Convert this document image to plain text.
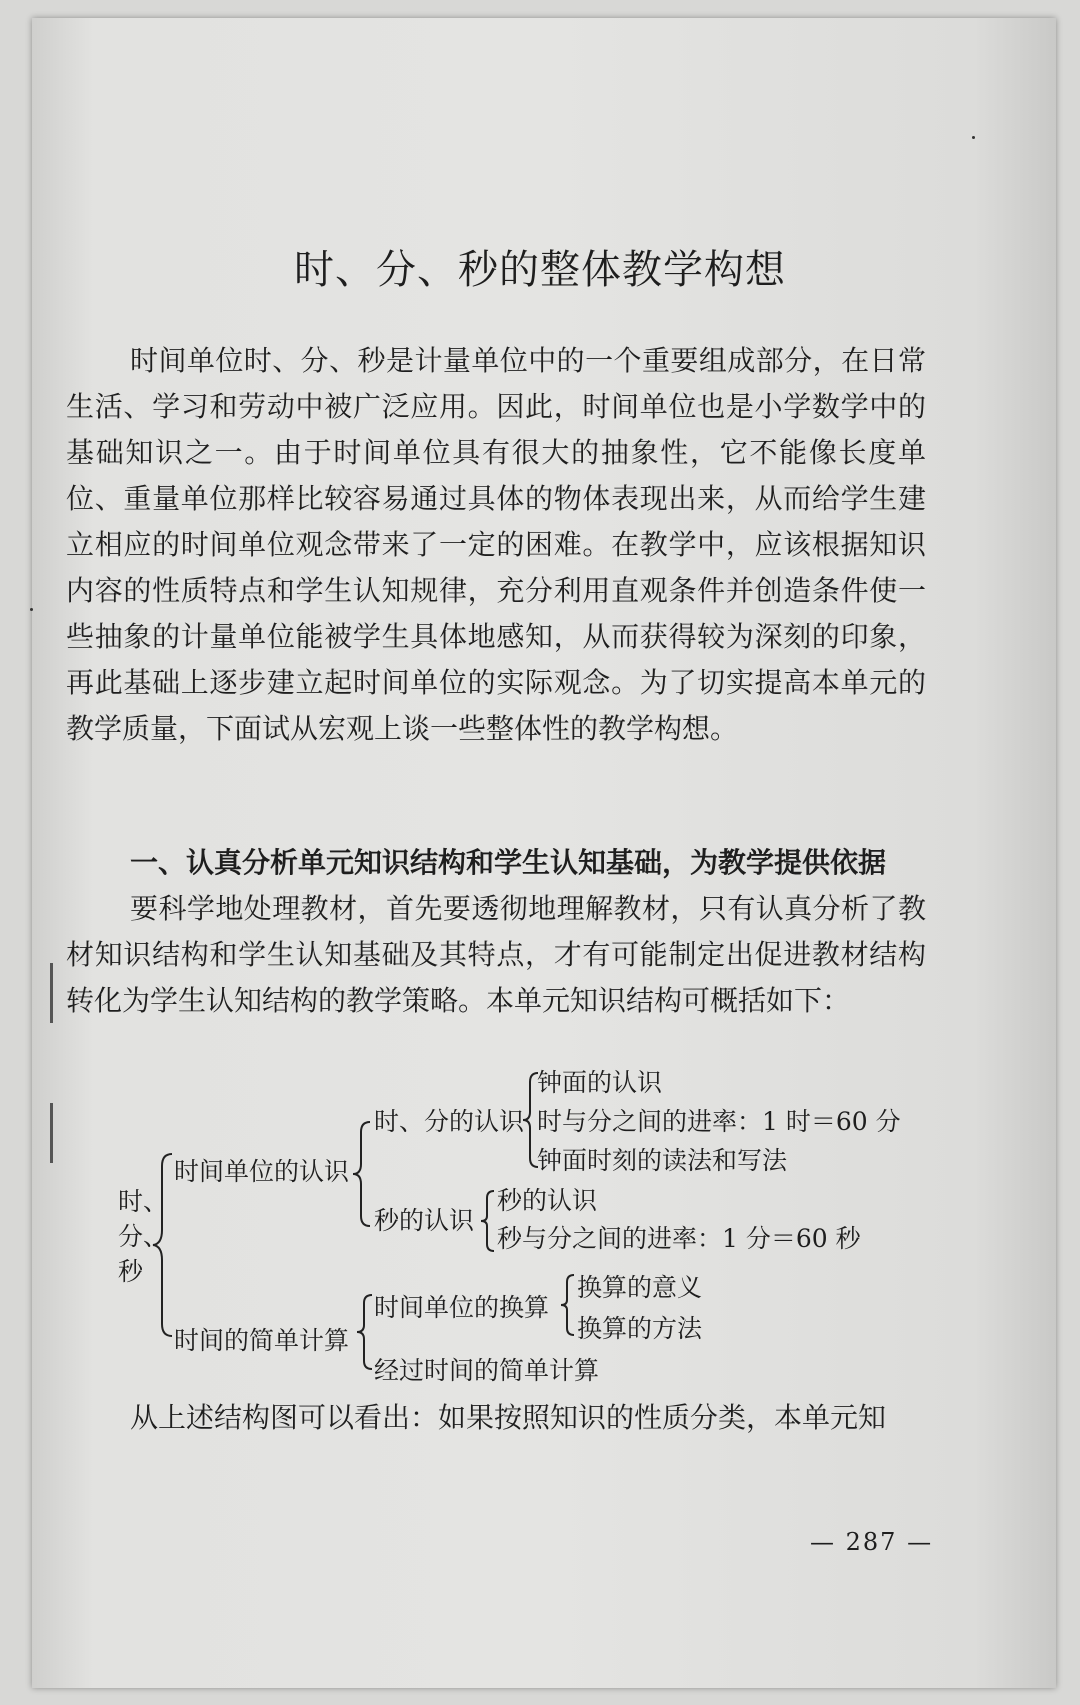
时、分、秒的整体教学构想
时间单位时、分、秒是计量单位中的一个重要组成部分，在日常生活、学习和劳动中被广泛应用。因此，时间单位也是小学数学中的基础知识之一。由于时间单位具有很大的抽象性，它不能像长度单位、重量单位那样比较容易通过具体的物体表现出来，从而给学生建立相应的时间单位观念带来了一定的困难。在教学中，应该根据知识内容的性质特点和学生认知规律，充分利用直观条件并创造条件使一些抽象的计量单位能被学生具体地感知，从而获得较为深刻的印象，再此基础上逐步建立起时间单位的实际观念。为了切实提高本单元的教学质量，下面试从宏观上谈一些整体性的教学构想。
一、认真分析单元知识结构和学生认知基础，为教学提供依据
要科学地处理教材，首先要透彻地理解教材，只有认真分析了教材知识结构和学生认知基础及其特点，才有可能制定出促进教材结构转化为学生认知结构的教学策略。本单元知识结构可概括如下：
时、
分、
秒
时间单位的认识
时、分的认识
钟面的认识
时与分之间的进率：1 时＝60 分
钟面时刻的读法和写法
秒的认识
秒的认识
秒与分之间的进率：1 分＝60 秒
时间的简单计算
时间单位的换算
换算的意义
换算的方法
经过时间的简单计算
从上述结构图可以看出：如果按照知识的性质分类，本单元知
— 287 —
